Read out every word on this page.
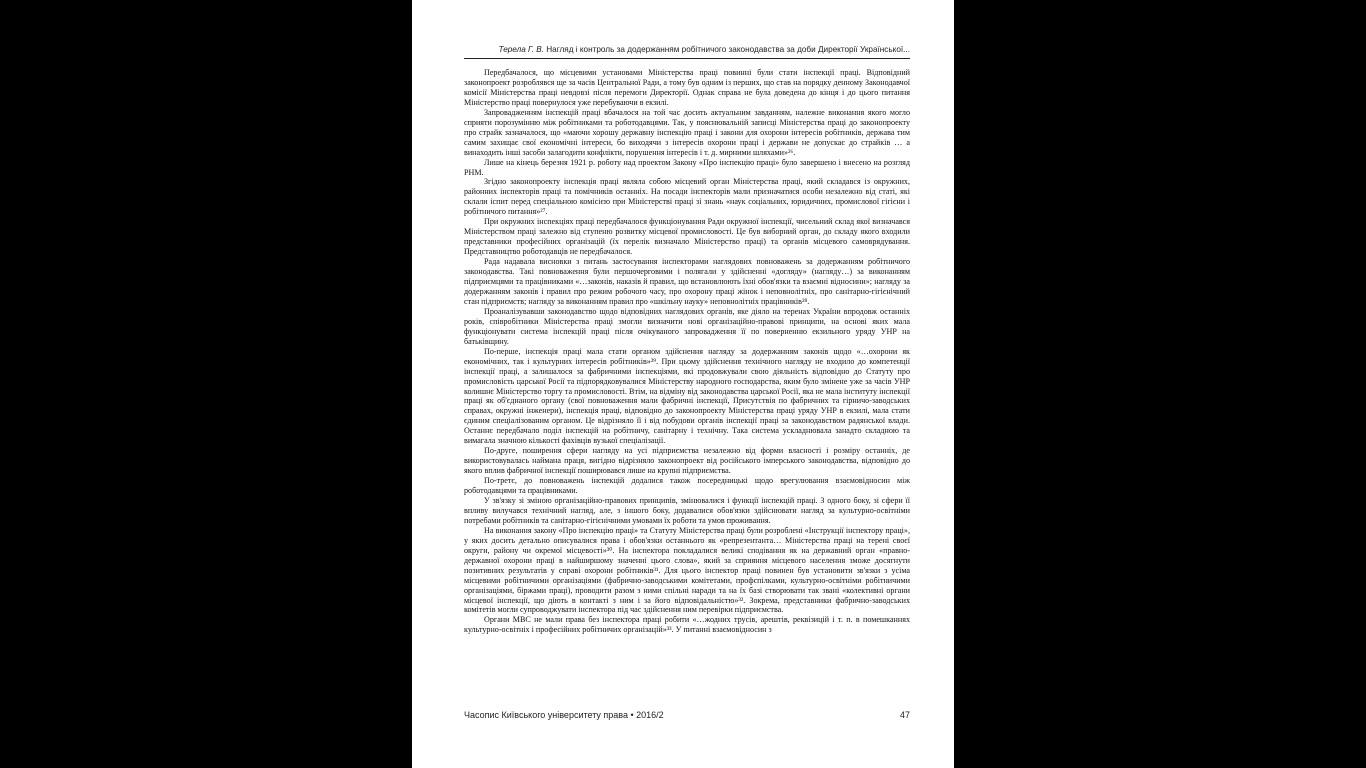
Терела Г. В. Нагляд і контроль за додержанням робітничого законодавства за доби Директорії Української...

Передбачалося, що місцевими установами Міністерства праці повинні були стати інспекції праці. Відповідний законопроект розроблявся ще за часів Центральної Ради, а тому був одним із перших, що став на порядку денному Законодавчої комісії Міністерства праці невдовзі після перемоги Директорії. Однак справа не була доведена до кінця і до цього питання Міністерство праці повернулося уже перебуваючи в екзилі.

Запровадженням інспекцій праці вбачалося на той час досить актуальним завданням, належне виконання якого могло сприяти порозумінню між робітниками та роботодавцями. Так, у пояснювальній записці Міністерства праці до законопроекту про страйк зазначалося, що «маючи хорошу державну інспекцію праці і закони для охорони інтересів робітників, держава тим самим захищає свої економічні інтереси, бо виходячи з інтересів охорони праці і держави не допускає до страйків … а винаходить інші засоби залагодити конфлікти, порушення інтересів і т. д. мирними шляхами»²⁶.

Лише на кінець березня 1921 р. роботу над проектом Закону «Про інспекцію праці» було завершено і внесено на розгляд РНМ.

Згідно законопроекту інспекція праці являла собою місцевий орган Міністерства праці, який складався із окружних, районних інспекторів праці та помічників останніх. На посади інспекторів мали призначатися особи незалежно від статі, які склали іспит перед спеціальною комісією при Міністерстві праці зі знань «наук соціальних, юридичних, промислової гігієни і робітничого питання»²⁷.

При окружних інспекціях праці передбачалося функціонування Ради окружної інспекції, чисельний склад якої визначався Міністерством праці залежно від ступеню розвитку місцевої промисловості. Це був виборний орган, до складу якого входили представники професійних організацій (їх перелік визначало Міністерство праці) та органів місцевого самоврядування. Представництво роботодавців не передбачалося.

Рада надавала висновки з питань застосування інспекторами наглядових повноважень за додержанням робітничого законодавства. Такі повноваження були першочерговими і полягали у здійсненні «догляду» (нагляду…) за виконанням підприємцями та працівниками «…законів, наказів й правил, що встановлюють їхні обов'язки та взаємні відносини»; нагляду за додержанням законів і правил про режим робочого часу, про охорону праці жінок і неповнолітніх, про санітарно-гігієнічний стан підприємств; нагляду за виконанням правил про «шкільну науку» неповнолітніх працівників²⁸.

Проаналізувавши законодавство щодо відповідних наглядових органів, яке діяло на теренах України впродовж останніх років, співробітники Міністерства праці змогли визначити нові організаційно-правові принципи, на основі яких мала функціонувати система інспекцій праці після очікуваного запровадження її по поверненню екзильного уряду УНР на батьківщину.

По-перше, інспекція праці мала стати органом здійснення нагляду за додержанням законів щодо «…охорони як економічних, так і культурних інтересів робітників»²⁹. При цьому здійснення технічного нагляду не входило до компетенції інспекції праці, а залишалося за фабричними інспекціями, які продовжували свою діяльність відповідно до Статуту про промисловість царської Росії та підпорядковувалися Міністерству народного господарства, яким було змінене уже за часів УНР колишнє Міністерство торгу та промисловості. Втім, на відміну від законодавства царської Росії, яка не мала інституту інспекції праці як об'єднаного органу (свої повноваження мали фабричні інспекції, Присутствія по фабричних та гірничо-заводських справах, окружні інженери), інспекція праці, відповідно до законопроекту Міністерства праці уряду УНР в екзилі, мала стати єдиним спеціалізованим органом. Це відрізняло її і від побудови органів інспекції праці за законодавством радянської влади. Останнє передбачало поділ інспекцій на робітничу, санітарну і технічну. Така система ускладнювала занадто складною та вимагала значною кількості фахівців вузької спеціалізації.

По-друге, поширення сфери нагляду на усі підприємства незалежно від форми власності і розміру останніх, де використовувалась наймана праця, вигідно відрізняло законопроект від російського імперського законодавства, відповідно до якого вплив фабричної інспекції поширювався лише на крупні підприємства.

По-третє, до повноважень інспекцій додалися також посередницькі щодо врегулювання взаємовідносин між роботодавцями та працівниками.

У зв'язку зі зміною організаційно-правових принципів, змінювалися і функції інспекцій праці. З одного боку, зі сфери її впливу вилучався технічний нагляд, але, з іншого боку, додавалися обов'язки здійснювати нагляд за культурно-освітніми потребами робітників та санітарно-гігієнічними умовами їх роботи та умов проживання.

На виконання закону «Про інспекцію праці» та Статуту Міністерства праці були розроблені «Інструкції інспектору праці», у яких досить детально описувалися права і обов'язки останнього як «репрезентанта… Міністерства праці на терені своєї округи, району чи окремої місцевості»³⁰. На інспектора покладалися великі сподівання як на державний орган «правно-державної охорони праці в найширшому значенні цього слова», який за сприяння місцевого населення зможе досягнути позитивних результатів у справі охорони робітників³¹. Для цього інспектор праці повинен був установити зв'язки з усіма місцевими робітничими організаціями (фабрично-заводськими комітетами, профспілками, культурно-освітніми робітничими організаціями, біржами праці), проводити разом з ними спільні наради та на їх базі створювати так звані «колективні органи місцевої інспекції, що діють в контакті з ним і за його відповідальністю»³². Зокрема, представники фабрично-заводських комітетів могли супроводжувати інспектора під час здійснення ним перевірки підприємства.

Органи МВС не мали права без інспектора праці робити «…жодних трусів, арештів, реквізицій і т. п. в помешканнях культурно-освітніх і професійних робітничих організацій»³³. У питанні взаємовідносин з

Часопис Київського університету права • 2016/2	47
